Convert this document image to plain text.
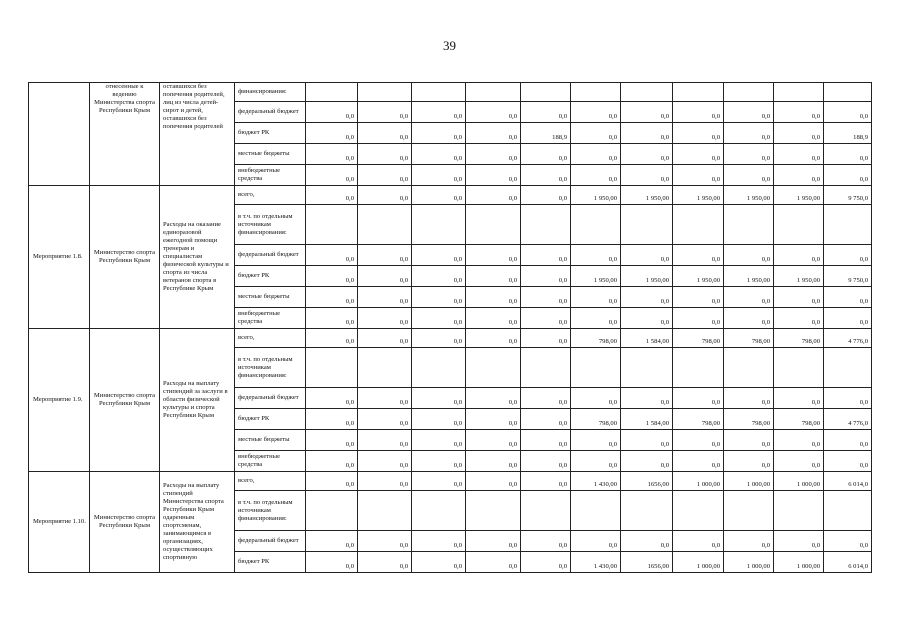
39
	отнесенные к ведению Министерства спорта Республики Крым	оставшихся без попечения родителей, лиц из числа детей-сирот и детей, оставшихся без попечения родителей	финансирования:											
			федеральный бюджет	0,0	0,0	0,0	0,0	0,0	0,0	0,0	0,0	0,0	0,0	0,0
			бюджет РК	0,0	0,0	0,0	0,0	188,9	0,0	0,0	0,0	0,0	0,0	188,9
			местные бюджеты	0,0	0,0	0,0	0,0	0,0	0,0	0,0	0,0	0,0	0,0	0,0
			внебюджетные средства	0,0	0,0	0,0	0,0	0,0	0,0	0,0	0,0	0,0	0,0	0,0
Мероприятие 1.8.	Министерство спорта Республики Крым	Расходы на оказание единоразовой ежегодной помощи тренерам и специалистам физической культуры и спорта из числа ветеранов спорта в Республике Крым	всего,	0,0	0,0	0,0	0,0	0,0	1 950,00	1 950,00	1 950,00	1 950,00	1 950,00	9 750,0
			в т.ч. по отдельным источникам финансирования:											
			федеральный бюджет	0,0	0,0	0,0	0,0	0,0	0,0	0,0	0,0	0,0	0,0	0,0
			бюджет РК	0,0	0,0	0,0	0,0	0,0	1 950,00	1 950,00	1 950,00	1 950,00	1 950,00	9 750,0
			местные бюджеты	0,0	0,0	0,0	0,0	0,0	0,0	0,0	0,0	0,0	0,0	0,0
			внебюджетные средства	0,0	0,0	0,0	0,0	0,0	0,0	0,0	0,0	0,0	0,0	0,0
Мероприятие 1.9.	Министерство спорта Республики Крым	Расходы на выплату стипендий за заслуги в области физической культуры и спорта Республики Крым	всего,	0,0	0,0	0,0	0,0	0,0	798,00	1 584,00	798,00	798,00	798,00	4 776,0
			в т.ч. по отдельным источникам финансирования:											
			федеральный бюджет	0,0	0,0	0,0	0,0	0,0	0,0	0,0	0,0	0,0	0,0	0,0
			бюджет РК	0,0	0,0	0,0	0,0	0,0	798,00	1 584,00	798,00	798,00	798,00	4 776,0
			местные бюджеты	0,0	0,0	0,0	0,0	0,0	0,0	0,0	0,0	0,0	0,0	0,0
			внебюджетные средства	0,0	0,0	0,0	0,0	0,0	0,0	0,0	0,0	0,0	0,0	0,0
Мероприятие 1.10.	Министерство спорта Республики Крым	Расходы на выплату стипендий Министерства спорта Республики Крым одаренным спортсменам, занимающимся в организациях, осуществляющих спортивную	всего,	0,0	0,0	0,0	0,0	0,0	1 430,00	1656,00	1 000,00	1 000,00	1 000,00	6 014,0
			в т.ч. по отдельным источникам финансирования:											
			федеральный бюджет	0,0	0,0	0,0	0,0	0,0	0,0	0,0	0,0	0,0	0,0	0,0
			бюджет РК	0,0	0,0	0,0	0,0	0,0	1 430,00	1656,00	1 000,00	1 000,00	1 000,00	6 014,0
